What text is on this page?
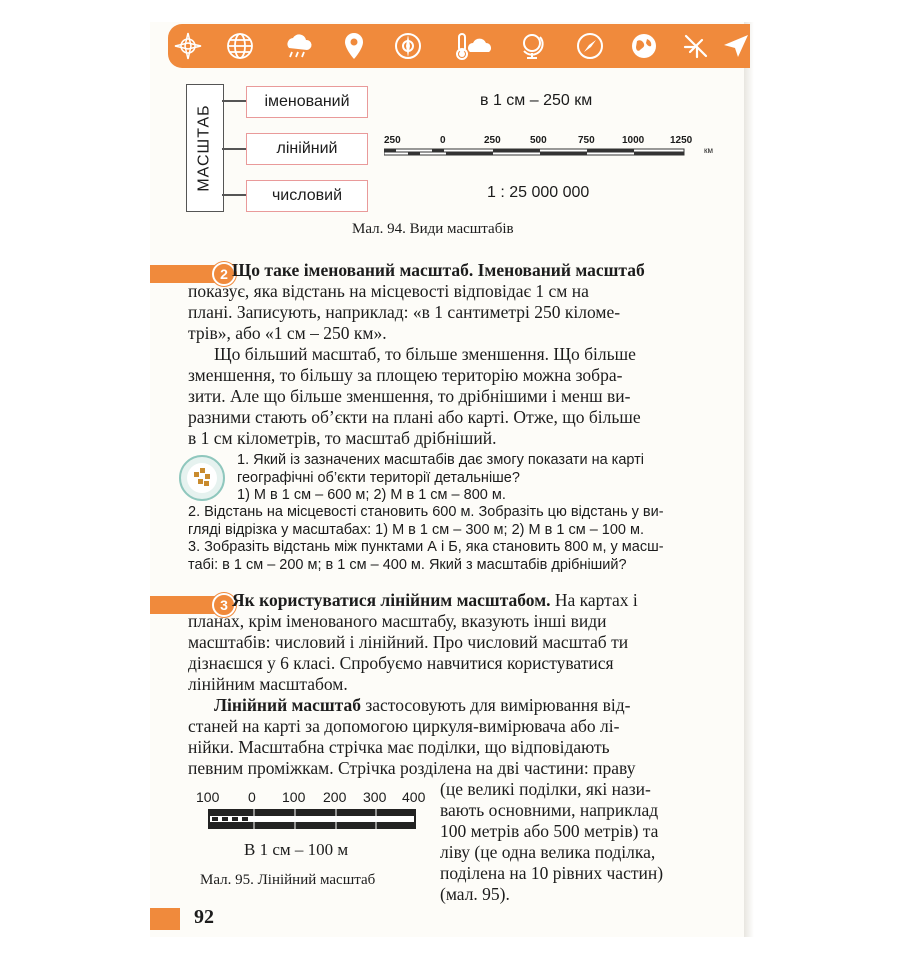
МАСШТАБ
іменований
лінійний
числовий
в 1 см – 250 км
250	0	250	500	750	1000	1250
км
1 : 25 000 000
Мал. 94. Види масштабів
2 Що таке іменований масштаб. Іменований масштаб

показує, яка відстань на місцевості відповідає 1 см на
плані. Записують, наприклад: «в 1 сантиметрі 250 кіломе-
трів», або «1 см – 250 км».
Що більший масштаб, то більше зменшення. Що більше
зменшення, то більшу за площею територію можна зобра-
зити. Але що більше зменшення, то дрібнішими і менш ви-
разними стають об’єкти на плані або карті. Отже, що більше
в 1 см кілометрів, то масштаб дрібніший.
1. Який із зазначених масштабів дає змогу показати на карті
географічні об’єкти території детальніше?
1) М в 1 см – 600 м; 2) М в 1 см – 800 м.
2. Відстань на місцевості становить 600 м. Зобразіть цю відстань у ви-
гляді відрізка у масштабах: 1) М в 1 см – 300 м; 2) М в 1 см – 100 м.
3. Зобразіть відстань між пунктами А і Б, яка становить 800 м, у масш-
табі: в 1 см – 200 м; в 1 см – 400 м. Який з масштабів дрібніший?
3 Як користуватися лінійним масштабом. На картах і

планах, крім іменованого масштабу, вказують інші види
масштабів: числовий і лінійний. Про числовий масштаб ти
дізнаєшся у 6 класі. Спробуємо навчитися користуватися
лінійним масштабом.
Лінійний масштаб застосовують для вимірювання від-
станей на карті за допомогою циркуля-вимірювача або лі-
нійки. Масштабна стрічка має поділки, що відповідають
певним проміжкам. Стрічка розділена на дві частини: праву
(це великі поділки, які нази-
вають основними, наприклад
100 метрів або 500 метрів) та
ліву (це одна велика поділка,
поділена на 10 рівних частин)
(мал. 95).
100 0 100 200 300 400
В 1 см – 100 м
Мал. 95. Лінійний масштаб
92
